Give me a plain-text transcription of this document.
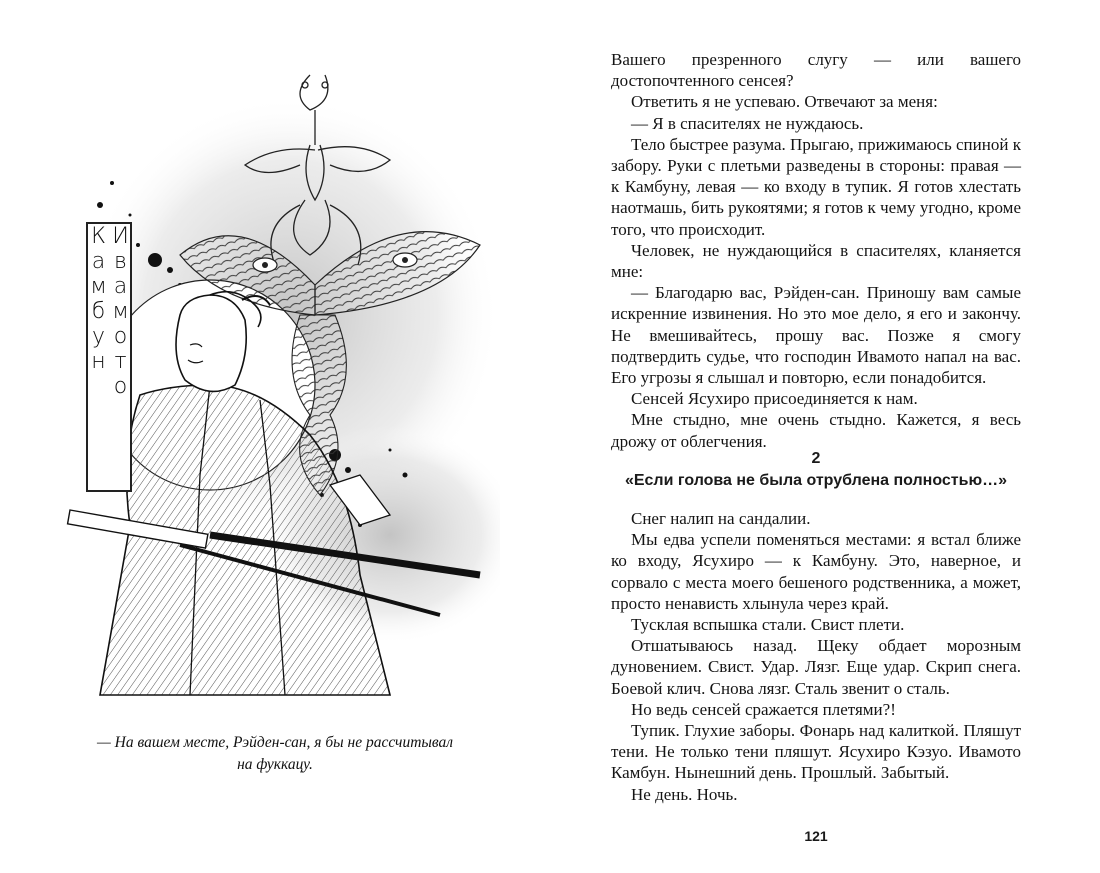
Ивамото Камбун
— На вашем месте, Рэйден-сан, я бы не рассчитывал
на фуккацу.

Вашего презренного слугу — или вашего достопочтенного сенсея?

Ответить я не успеваю. Отвечают за меня:

— Я в спасителях не нуждаюсь.

Тело быстрее разума. Прыгаю, прижимаюсь спиной к забору. Руки с плетьми разведены в стороны: правая — к Камбуну, левая — ко входу в тупик. Я готов хлестать наотмашь, бить рукоятями; я готов к чему угодно, кроме того, что происходит.

Человек, не нуждающийся в спасителях, кланяется мне:

— Благодарю вас, Рэйден-сан. Приношу вам самые искренние извинения. Но это мое дело, я его и закончу. Не вмешивайтесь, прошу вас. Позже я смогу подтвердить судье, что господин Ивамото напал на вас. Его угрозы я слышал и повторю, если понадобится.

Сенсей Ясухиро присоединяется к нам.

Мне стыдно, мне очень стыдно. Кажется, я весь дрожу от облегчения.

2
«Если голова не была отрублена полностью…»

Снег налип на сандалии.

Мы едва успели поменяться местами: я встал ближе ко входу, Ясухиро — к Камбуну. Это, наверное, и сорвало с места моего бешеного родственника, а может, просто ненависть хлынула через край.

Тусклая вспышка стали. Свист плети.

Отшатываюсь назад. Щеку обдает морозным дуновением. Свист. Удар. Лязг. Еще удар. Скрип снега. Боевой клич. Снова лязг. Сталь звенит о сталь.

Но ведь сенсей сражается плетями?!

Тупик. Глухие заборы. Фонарь над калиткой. Пляшут тени. Не только тени пляшут. Ясухиро Кэзуо. Ивамото Камбун. Нынешний день. Прошлый. Забытый.

Не день. Ночь.

121
